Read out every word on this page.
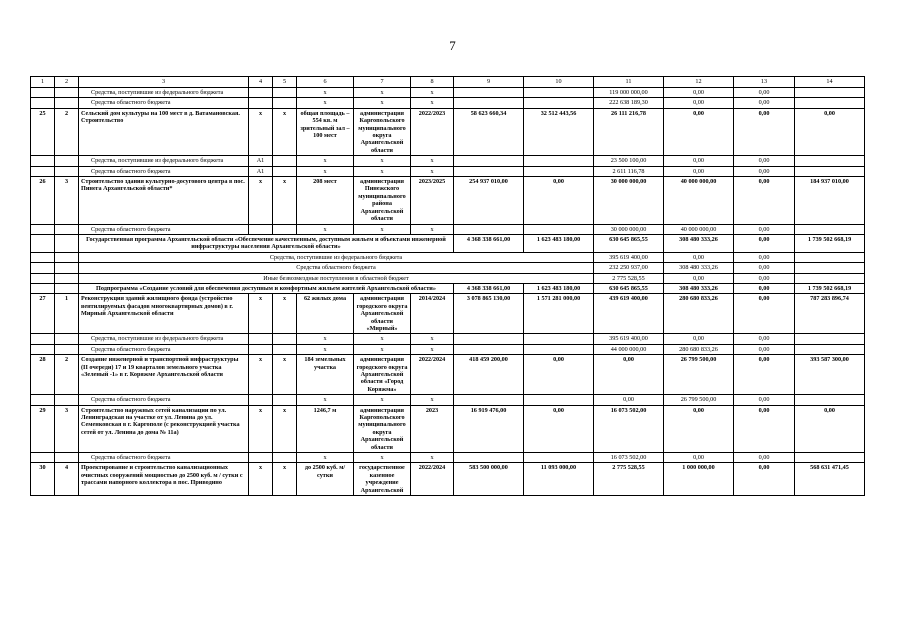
7
1	2	3	4	5	6	7	8	9	10	11	12	13	14
		Средства, поступившие из федерального бюджета			х	х	х			119 000 000,00	0,00	0,00	
		Средства областного бюджета			х	х	х			222 638 189,30	0,00	0,00	
25	2	Сельский дом культуры на 100 мест в д. Ватамановская. Строительство	х	х	общая площадь – 554 кв. м зрительный зал – 100 мест	администрация Каргопольского муниципального округа Архангельской области	2022/2023	58 623 660,34	32 512 443,56	26 111 216,78	0,00	0,00	0,00
		Средства, поступившие из федерального бюджета	А1		х	х	х			23 500 100,00	0,00	0,00	
		Средства областного бюджета	А1		х	х	х			2 611 116,78	0,00	0,00	
26	3	Строительство здания культурно-досугового центра в пос. Пинега Архангельской области*	х	х	208 мест	администрация Пинежского муниципального района Архангельской области	2023/2025	254 937 010,00	0,00	30 000 000,00	40 000 000,00	0,00	184 937 010,00
		Средства областного бюджета			х	х	х			30 000 000,00	40 000 000,00	0,00	
		Государственная программа Архангельской области «Обеспечение качественным, доступным жильем и объектами инженерной инфраструктуры населения Архангельской области»						4 368 338 661,00	1 623 483 180,00	630 645 865,55	308 480 333,26	0,00	1 739 502 668,19
		Средства, поступившие из федерального бюджета								395 619 400,00	0,00	0,00	
		Средства областного бюджета								232 250 937,00	308 480 333,26	0,00	
		Иные безвозмездные поступления в областной бюджет								2 775 528,55	0,00	0,00	
		Подпрограмма «Создание условий для обеспечения доступным и комфортным жильем жителей Архангельской области»						4 368 338 661,00	1 623 483 180,00	630 645 865,55	308 480 333,26	0,00	1 739 502 668,19
27	1	Реконструкция зданий жилищного фонда (устройство вентилируемых фасадов многоквартирных домов) в г. Мирный Архангельской области	х	х	62 жилых дома	администрация городского округа Архангельской области «Мирный»	2014/2024	3 078 865 130,00	1 571 281 000,00	439 619 400,00	280 680 833,26	0,00	787 283 896,74
		Средства, поступившие из федерального бюджета			х	х	х			395 619 400,00	0,00	0,00	
		Средства областного бюджета			х	х	х			44 000 000,00	280 680 833,26	0,00	
28	2	Создание инженерной и транспортной инфраструктуры (II очереди) 17 и 19 кварталов земельного участка «Зеленый -1» в г. Коряжме Архангельской области	х	х	184 земельных участка	администрация городского округа Архангельской области «Город Коряжма»	2022/2024	418 459 200,00	0,00	0,00	26 799 500,00	0,00	393 587 300,00
		Средства областного бюджета			х	х	х			0,00	26 799 500,00	0,00	
29	3	Строительство наружных сетей канализации по ул. Ленинградская на участке от ул. Ленина до ул. Семенковская в г. Каргополе (с реконструкцией участка сетей от ул. Ленина до дома № 11а)	х	х	1246,7 м	администрация Каргопольского муниципального округа Архангельской области	2023	16 919 476,00	0,00	16 073 502,00	0,00	0,00	0,00
		Средства областного бюджета			х	х	х			16 073 502,00	0,00	0,00	
30	4	Проектирование и строительство канализационных очистных сооружений мощностью до 2500 куб. м / сутки с трассами напорного коллектора в пос. Приводино	х	х	до 2500 куб. м/ сутки	государственное казенное учреждение Архангельской	2022/2024	583 500 000,00	11 093 000,00	2 775 528,55	1 000 000,00	0,00	568 631 471,45
